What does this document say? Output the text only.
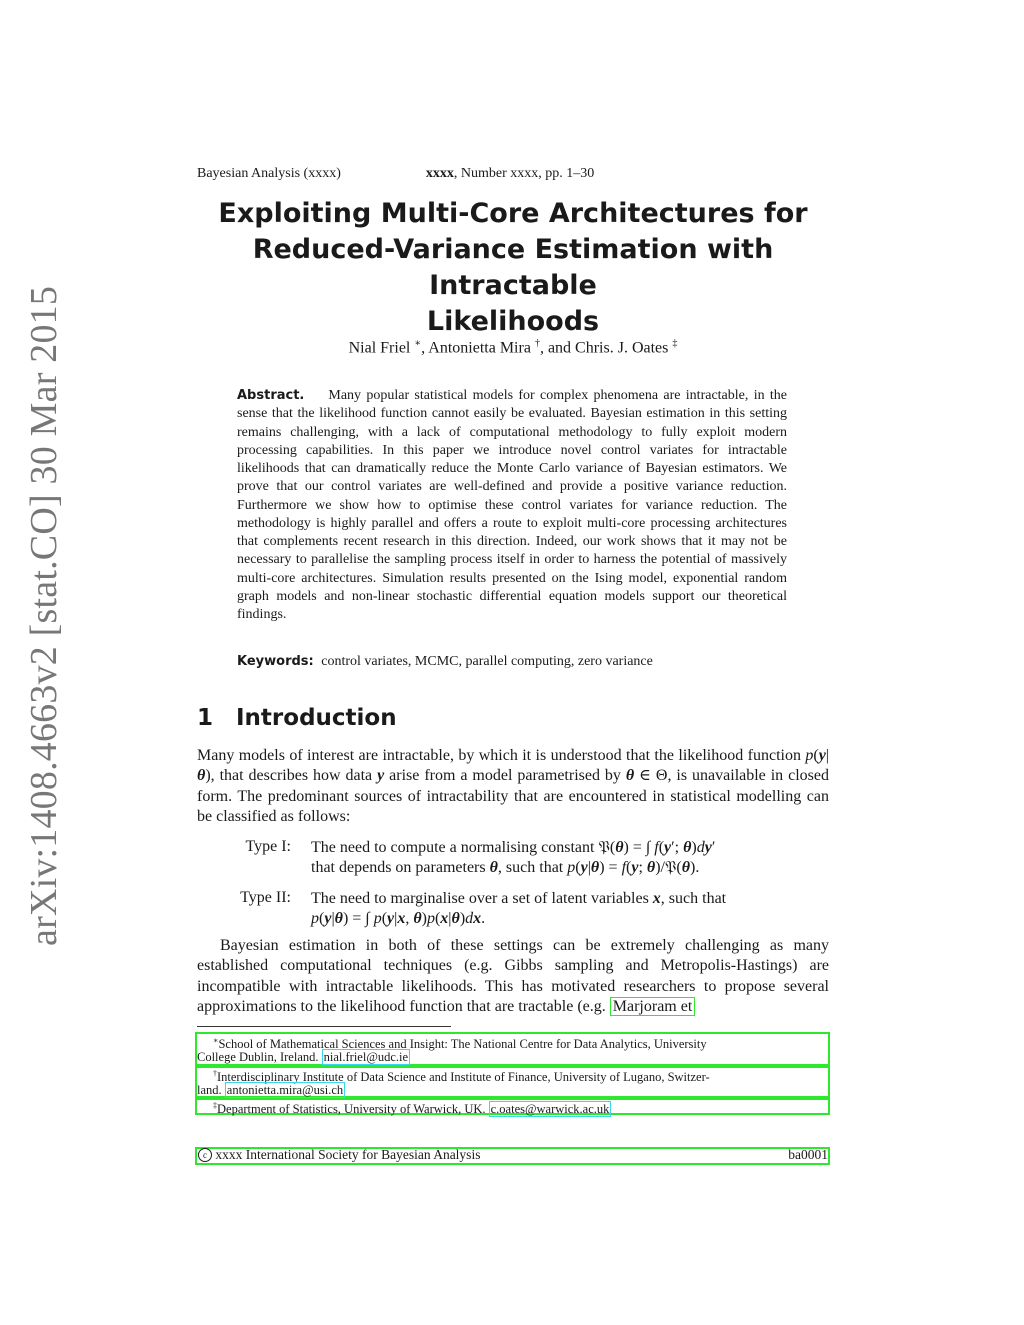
arXiv:1408.4663v2 [stat.CO] 30 Mar 2015
Bayesian Analysis (xxxx)	xxxx, Number xxxx, pp. 1–30
Exploiting Multi-Core Architectures for
Reduced-Variance Estimation with Intractable
Likelihoods
Nial Friel ∗, Antonietta Mira †, and Chris. J. Oates ‡
Abstract. Many popular statistical models for complex phenomena are intractable, in the sense that the likelihood function cannot easily be evaluated. Bayesian estimation in this setting remains challenging, with a lack of computational methodology to fully exploit modern processing capabilities. In this paper we introduce novel control variates for intractable likelihoods that can dramatically reduce the Monte Carlo variance of Bayesian estimators. We prove that our control variates are well-defined and provide a positive variance reduction. Furthermore we show how to optimise these control variates for variance reduction. The methodology is highly parallel and offers a route to exploit multi-core processing architectures that complements recent research in this direction. Indeed, our work shows that it may not be necessary to parallelise the sampling process itself in order to harness the potential of massively multi-core architectures. Simulation results presented on the Ising model, exponential random graph models and non-linear stochastic differential equation models support our theoretical findings.
Keywords: control variates, MCMC, parallel computing, zero variance
1 Introduction
Many models of interest are intractable, by which it is understood that the likelihood function p(y|θ), that describes how data y arise from a model parametrised by θ ∈ Θ, is unavailable in closed form. The predominant sources of intractability that are encountered in statistical modelling can be classified as follows:
Type I: The need to compute a normalising constant 𝔓(θ) = ∫ f(y′; θ)dy′
that depends on parameters θ, such that p(y|θ) = f(y; θ)/𝔓(θ).
Type II: The need to marginalise over a set of latent variables x, such that
p(y|θ) = ∫ p(y|x, θ)p(x|θ)dx.
Bayesian estimation in both of these settings can be extremely challenging as many established computational techniques (e.g. Gibbs sampling and Metropolis-Hastings) are incompatible with intractable likelihoods. This has motivated researchers to propose several approximations to the likelihood function that are tractable (e.g. Marjoram et
∗School of Mathematical Sciences and Insight: The National Centre for Data Analytics, University
College Dublin, Ireland. nial.friel@udc.ie
†Interdisciplinary Institute of Data Science and Institute of Finance, University of Lugano, Switzer-
land. antonietta.mira@usi.ch
‡Department of Statistics, University of Warwick, UK. c.oates@warwick.ac.uk
c xxxx International Society for Bayesian Analysis	ba0001
